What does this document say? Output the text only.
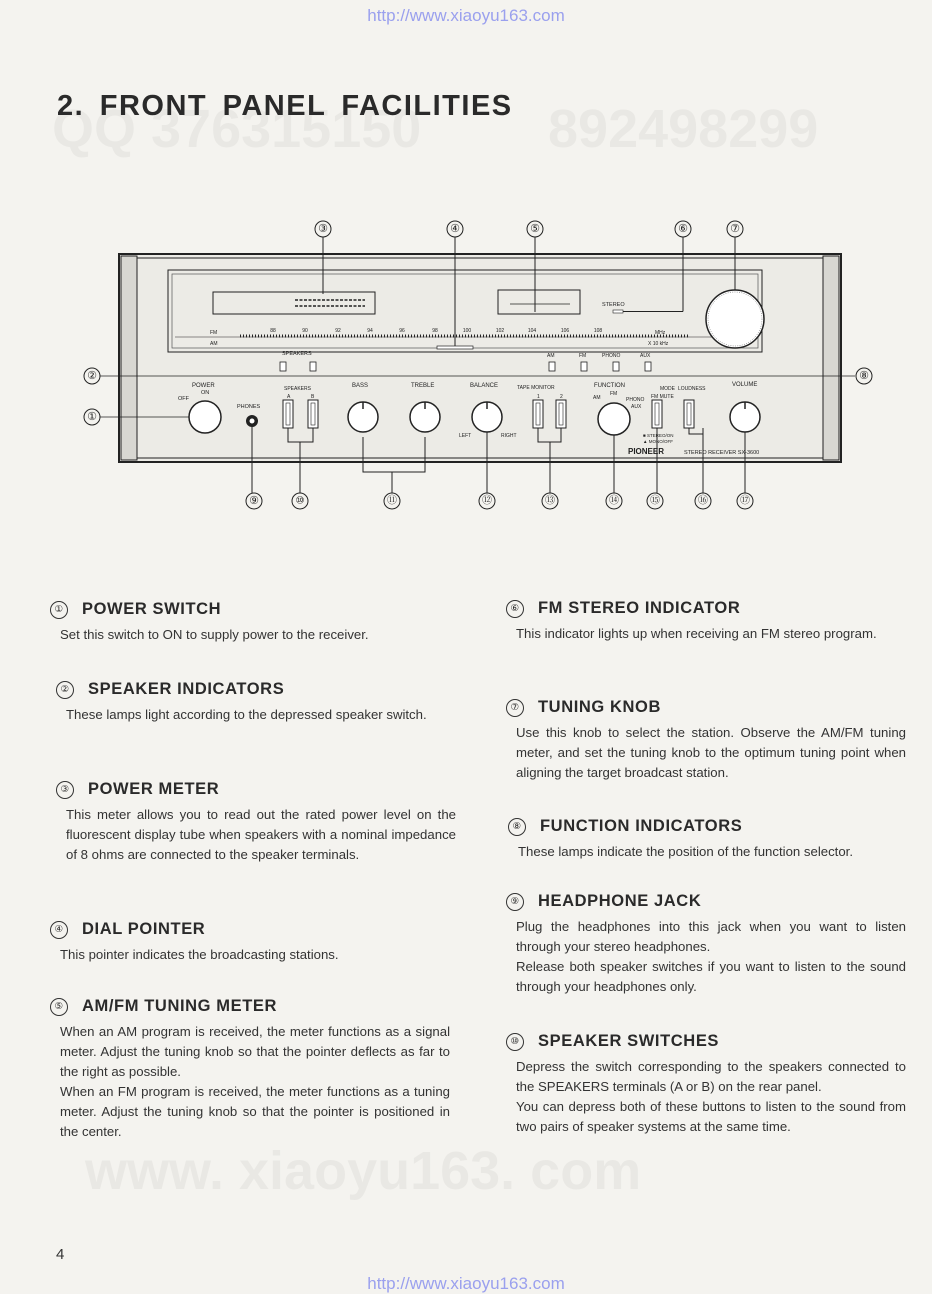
http://www.xiaoyu163.com
2. FRONT PANEL FACILITIES
③	④	⑤	⑥	⑦
②
①
⑧
⑨	⑩	⑪	⑫	⑬	⑭	⑮	⑯	⑰
STEREO
FM
AM
MHz
X 10 kHz
88	90	92	94	96	98	100	102	104	106	108
SPEAKERS	AM	FM	PHONO	AUX
POWER
OFF
ON
PHONES
SPEAKERS
A	B
BASS	TREBLE	BALANCE
LEFT	RIGHT
TAPE MONITOR
1	2
FUNCTION
AM
FM
PHONO
AUX
MODE LOUDNESS
FM MUTE
■ STEREO/ON
▲ MONO/OFF
VOLUME
PIONEER	STEREO RECEIVER SX-3600
① POWER SWITCH

Set this switch to ON to supply power to the receiver.

② SPEAKER INDICATORS

These lamps light according to the depressed speaker switch.

③ POWER METER

This meter allows you to read out the rated power level on the fluorescent display tube when speakers with a nominal impedance of 8 ohms are connected to the speaker terminals.

④ DIAL POINTER

This pointer indicates the broadcasting stations.

⑤ AM/FM TUNING METER

When an AM program is received, the meter functions as a signal meter. Adjust the tuning knob so that the pointer deflects as far to the right as possible.

When an FM program is received, the meter functions as a tuning meter. Adjust the tuning knob so that the pointer is positioned in the center.

⑥ FM STEREO INDICATOR

This indicator lights up when receiving an FM stereo program.

⑦ TUNING KNOB

Use this knob to select the station. Observe the AM/FM tuning meter, and set the tuning knob to the optimum tuning point when aligning the target broadcast station.

⑧ FUNCTION INDICATORS

These lamps indicate the position of the function selector.

⑨ HEADPHONE JACK

Plug the headphones into this jack when you want to listen through your stereo headphones.

Release both speaker switches if you want to listen to the sound through your headphones only.

⑩ SPEAKER SWITCHES

Depress the switch corresponding to the speakers connected to the SPEAKERS terminals (A or B) on the rear panel.

You can depress both of these buttons to listen to the sound from two pairs of speaker systems at the same time.

4
http://www.xiaoyu163.com
